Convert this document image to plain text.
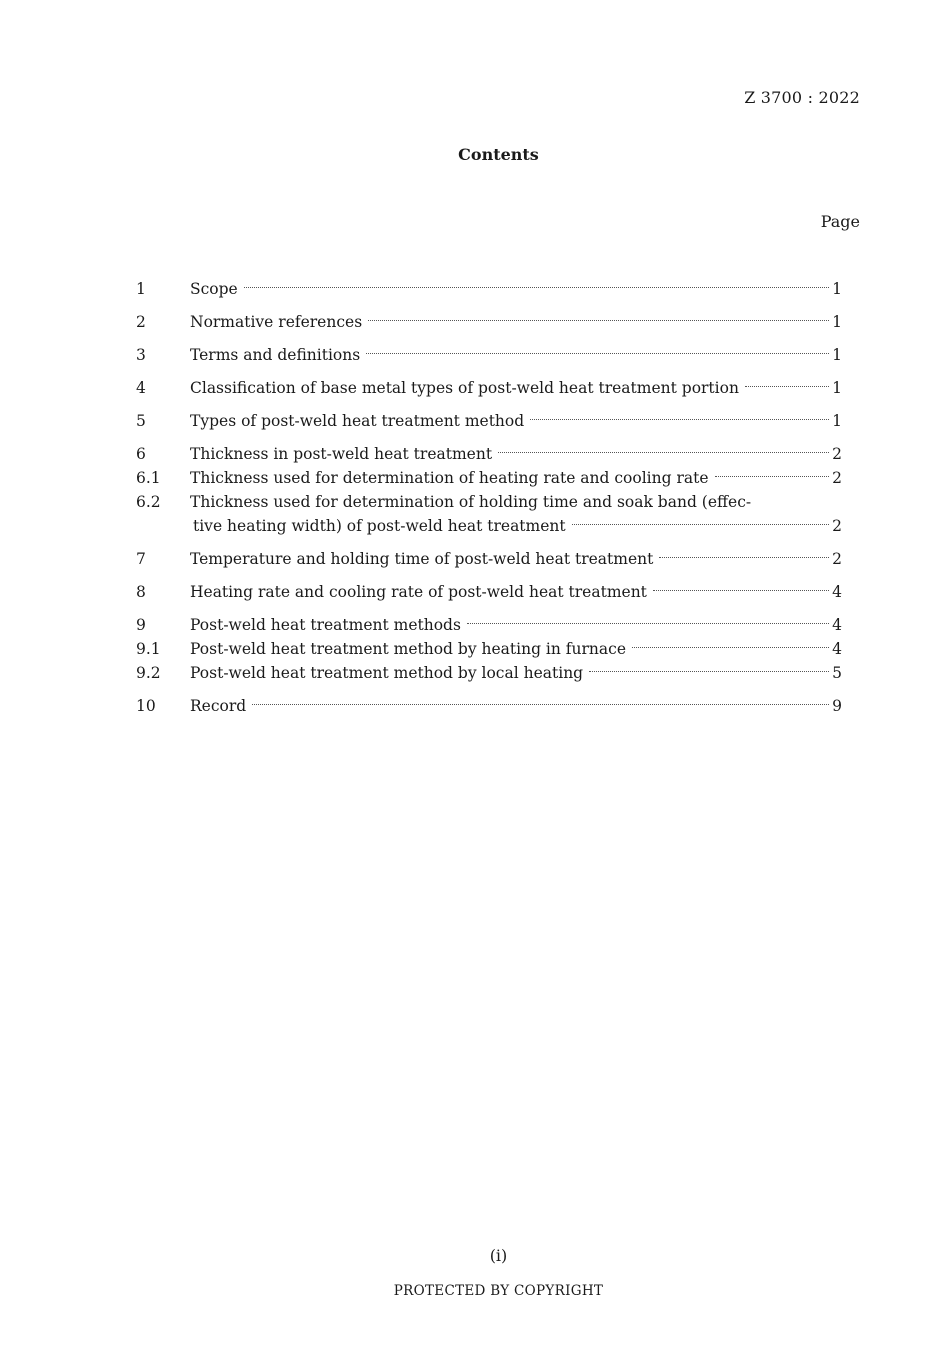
Z 3700 : 2022
Contents
Page
1	Scope	1
2	Normative references	1
3	Terms and definitions	1
4	Classification of base metal types of post-weld heat treatment portion	1
5	Types of post-weld heat treatment method	1
6	Thickness in post-weld heat treatment	2
6.1	Thickness used for determination of heating rate and cooling rate	2
6.2	Thickness used for determination of holding time and soak band (effec-
tive heating width) of post-weld heat treatment	2
7	Temperature and holding time of post-weld heat treatment	2
8	Heating rate and cooling rate of post-weld heat treatment	4
9	Post-weld heat treatment methods	4
9.1	Post-weld heat treatment method by heating in furnace	4
9.2	Post-weld heat treatment method by local heating	5
10	Record	9
(i)
PROTECTED BY COPYRIGHT
